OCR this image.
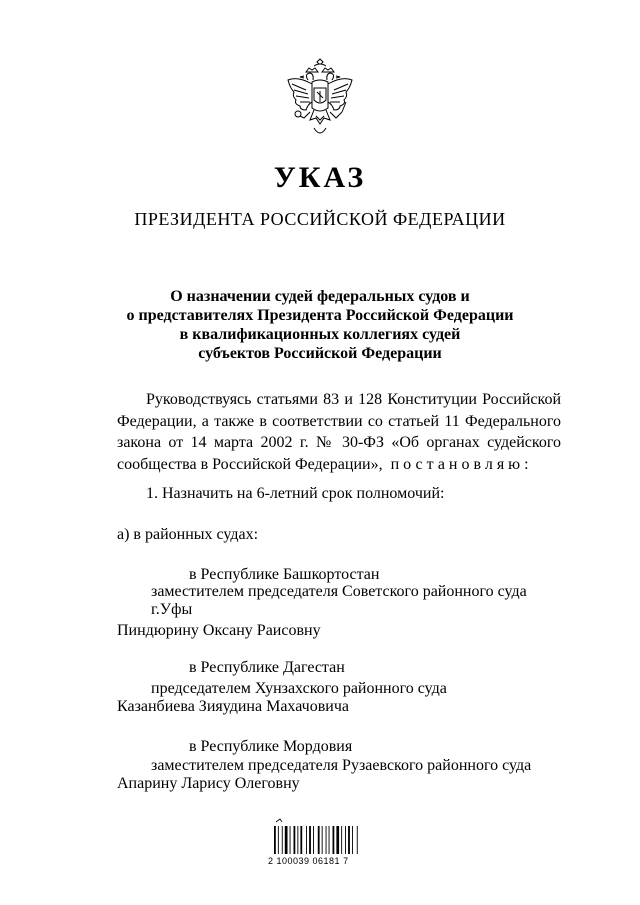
УКАЗ
ПРЕЗИДЕНТА РОССИЙСКОЙ ФЕДЕРАЦИИ
О назначении судей федеральных судов и
о представителях Президента Российской Федерации
в квалификационных коллегиях судей
субъектов Российской Федерации
Руководствуясь статьями 83 и 128 Конституции Российской
Федерации, а также в соответствии со статьей 11 Федерального
закона от 14 марта 2002 г. № 30-ФЗ «Об органах судейского
сообщества в Российской Федерации», постановляю:
1. Назначить на 6-летний срок полномочий:
а) в районных судах:
в Республике Башкортостан
заместителем председателя Советского районного суда
г.Уфы
Пиндюрину Оксану Раисовну
в Республике Дагестан
председателем Хунзахского районного суда
Казанбиева Зияудина Махачовича
в Республике Мордовия
заместителем председателя Рузаевского районного суда
Апарину Ларису Олеговну
2 100039 06181 7
